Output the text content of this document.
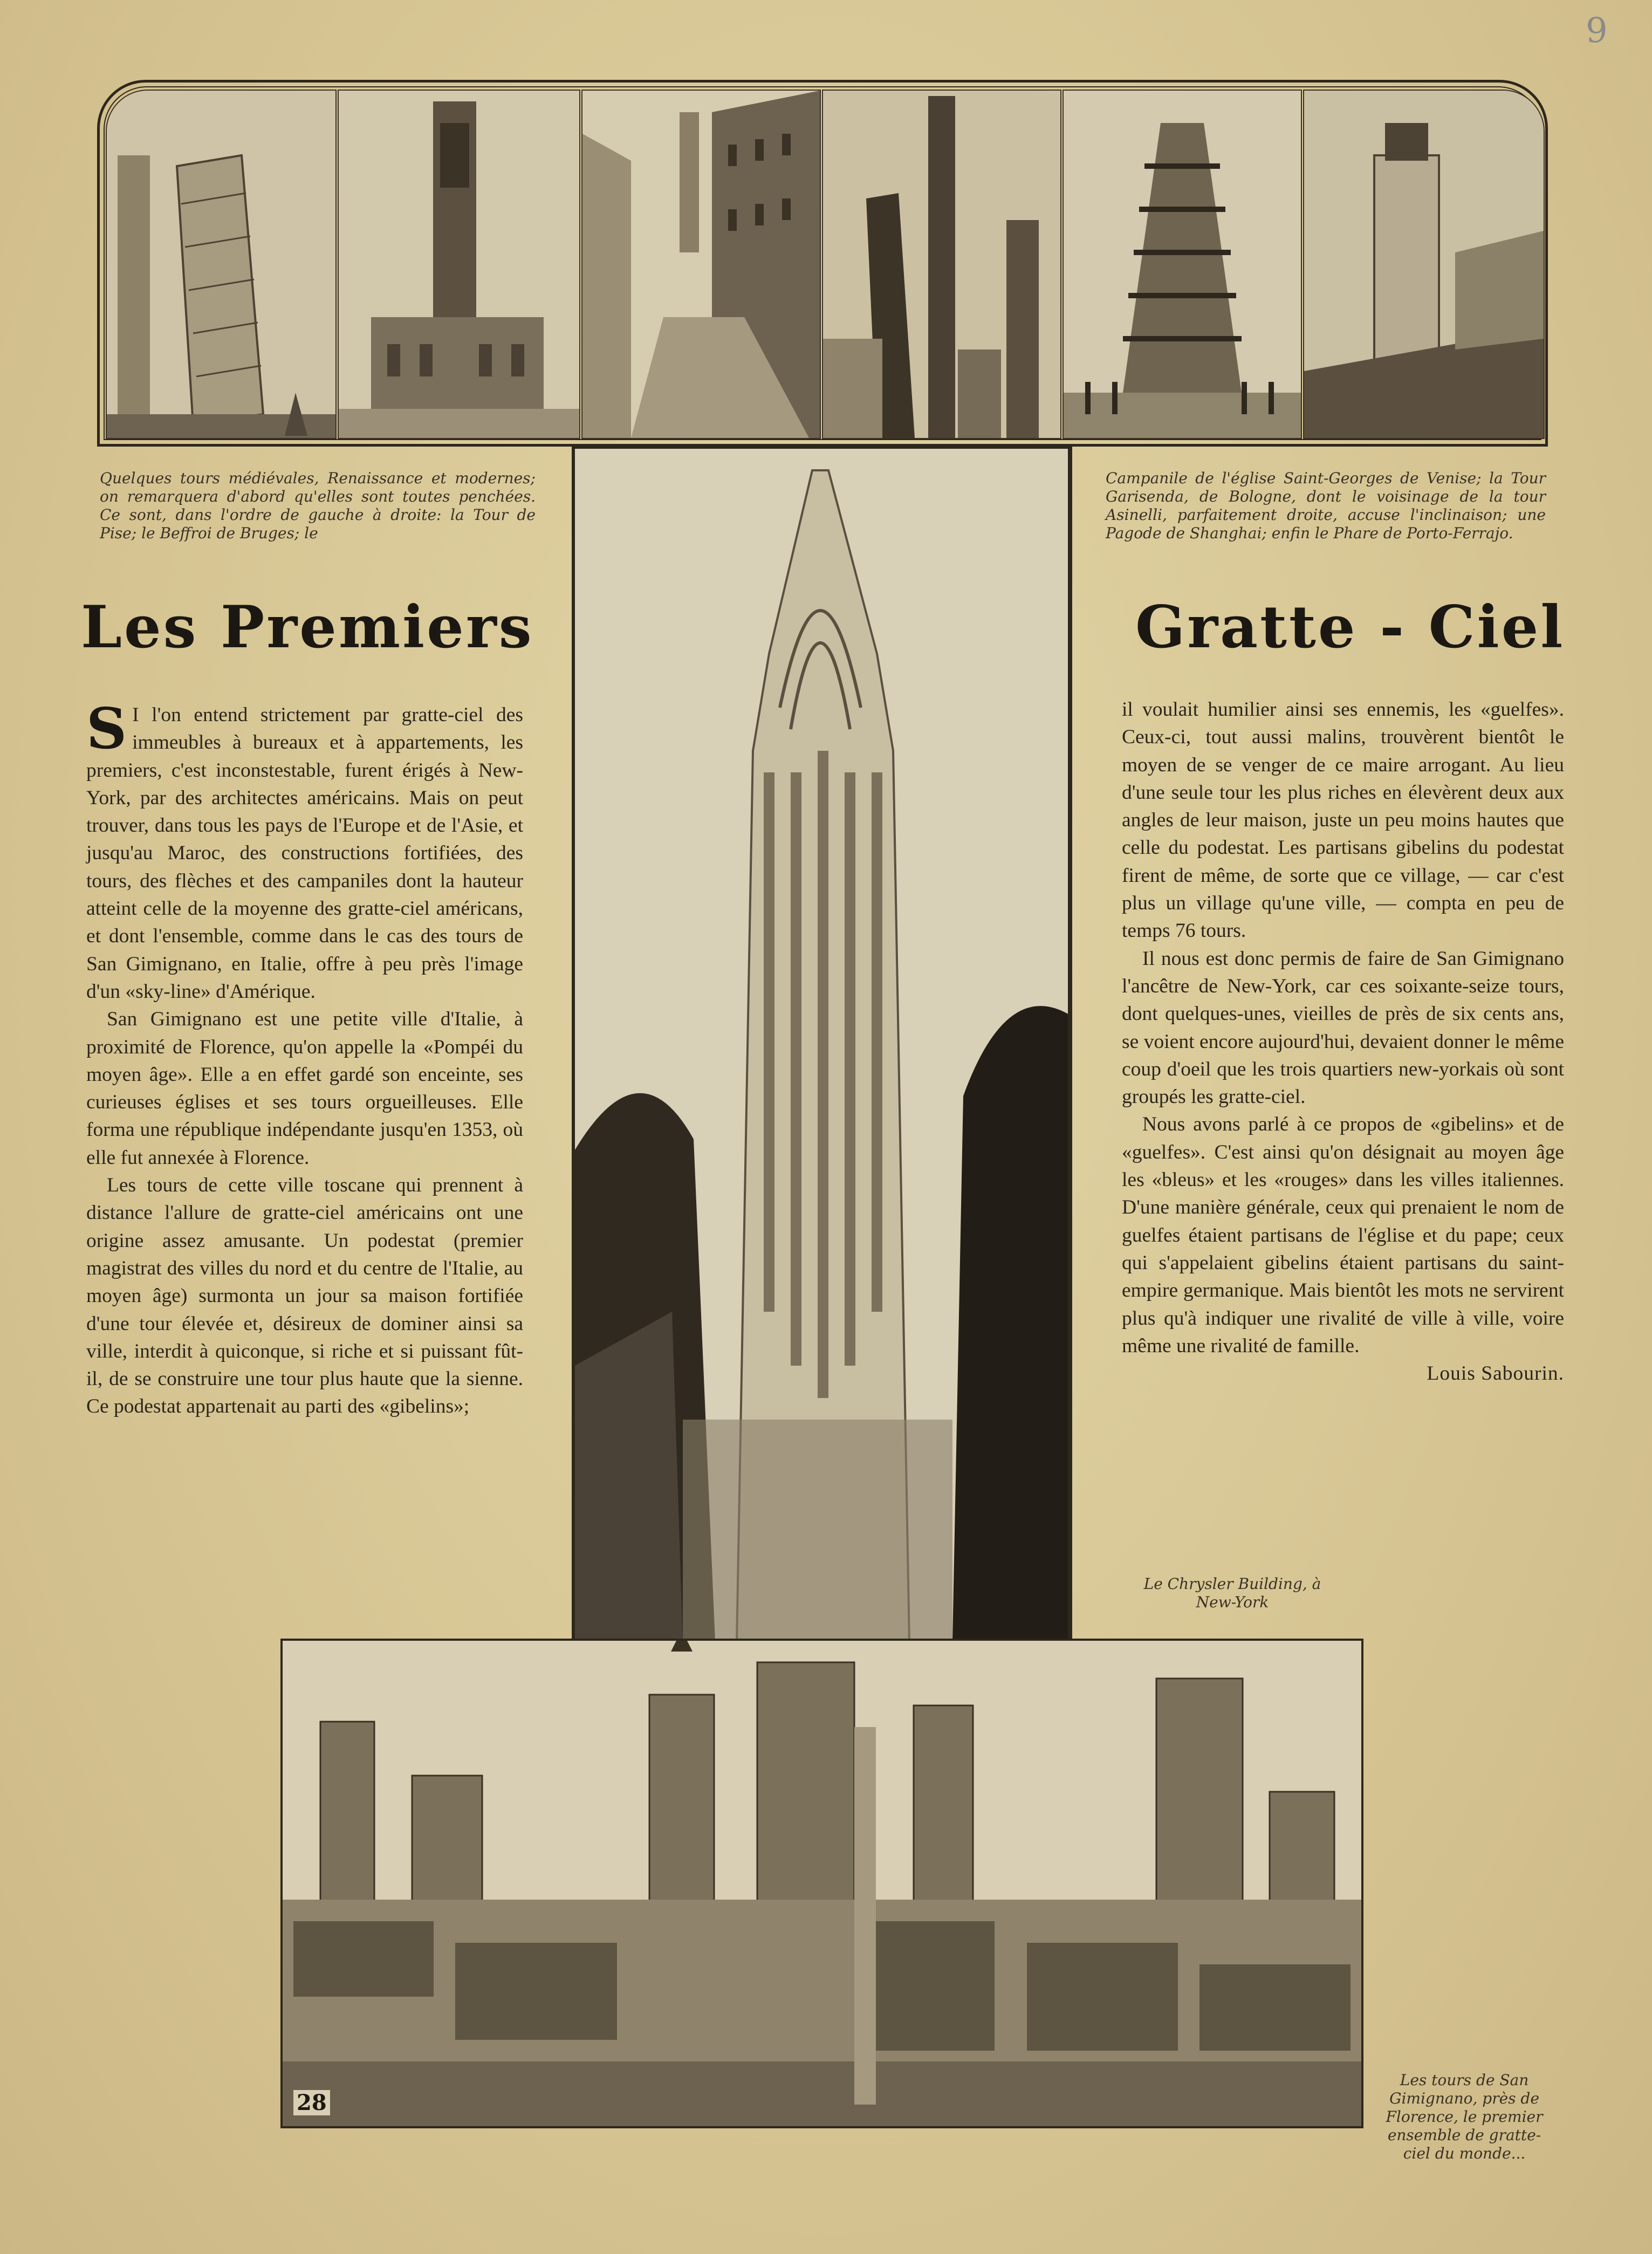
9
Quelques tours médiévales, Renaissance et modernes; on remarquera d'abord qu'elles sont toutes penchées. Ce sont, dans l'ordre de gauche à droite: la Tour de Pise; le Beffroi de Bruges; le
Campanile de l'église Saint-Georges de Venise; la Tour Garisenda, de Bologne, dont le voisinage de la tour Asinelli, parfaitement droite, accuse l'inclinaison; une Pagode de Shanghai; enfin le Phare de Porto-Ferrajo.
Les Premiers	Gratte - Ciel

S I l'on entend strictement par gratte-ciel des immeubles à bureaux et à appartements, les premiers, c'est inconstestable, furent érigés à New-York, par des architectes américains. Mais on peut trouver, dans tous les pays de l'Europe et de l'Asie, et jusqu'au Maroc, des constructions fortifiées, des tours, des flèches et des campaniles dont la hauteur atteint celle de la moyenne des gratte-ciel américans, et dont l'ensemble, comme dans le cas des tours de San Gimignano, en Italie, offre à peu près l'image d'un «sky-line» d'Amérique.

San Gimignano est une petite ville d'Italie, à proximité de Florence, qu'on appelle la «Pompéi du moyen âge». Elle a en effet gardé son enceinte, ses curieuses églises et ses tours orgueilleuses. Elle forma une république indépendante jusqu'en 1353, où elle fut annexée à Florence.

Les tours de cette ville toscane qui prennent à distance l'allure de gratte-ciel américains ont une origine assez amusante. Un podestat (premier magistrat des villes du nord et du centre de l'Italie, au moyen âge) surmonta un jour sa maison fortifiée d'une tour élevée et, désireux de dominer ainsi sa ville, interdit à quiconque, si riche et si puissant fût-il, de se construire une tour plus haute que la sienne. Ce podestat appartenait au parti des «gibelins»;

il voulait humilier ainsi ses ennemis, les «guelfes». Ceux-ci, tout aussi malins, trouvèrent bientôt le moyen de se venger de ce maire arrogant. Au lieu d'une seule tour les plus riches en élevèrent deux aux angles de leur maison, juste un peu moins hautes que celle du podestat. Les partisans gibelins du podestat firent de même, de sorte que ce village, — car c'est plus un village qu'une ville, — compta en peu de temps 76 tours.

Il nous est donc permis de faire de San Gimignano l'ancêtre de New-York, car ces soixante-seize tours, dont quelques-unes, vieilles de près de six cents ans, se voient encore aujourd'hui, devaient donner le même coup d'oeil que les trois quartiers new-yorkais où sont groupés les gratte-ciel.

Nous avons parlé à ce propos de «gibelins» et de «guelfes». C'est ainsi qu'on désignait au moyen âge les «bleus» et les «rouges» dans les villes italiennes. D'une manière générale, ceux qui prenaient le nom de guelfes étaient partisans de l'église et du pape; ceux qui s'appelaient gibelins étaient partisans du saint-empire germanique. Mais bientôt les mots ne servirent plus qu'à indiquer une rivalité de ville à ville, voire même une rivalité de famille.

Louis Sabourin.

Le Chrysler Building, à New-York
28
Les tours de San Gimignano, près de Florence, le premier ensemble de gratte-ciel du monde...
